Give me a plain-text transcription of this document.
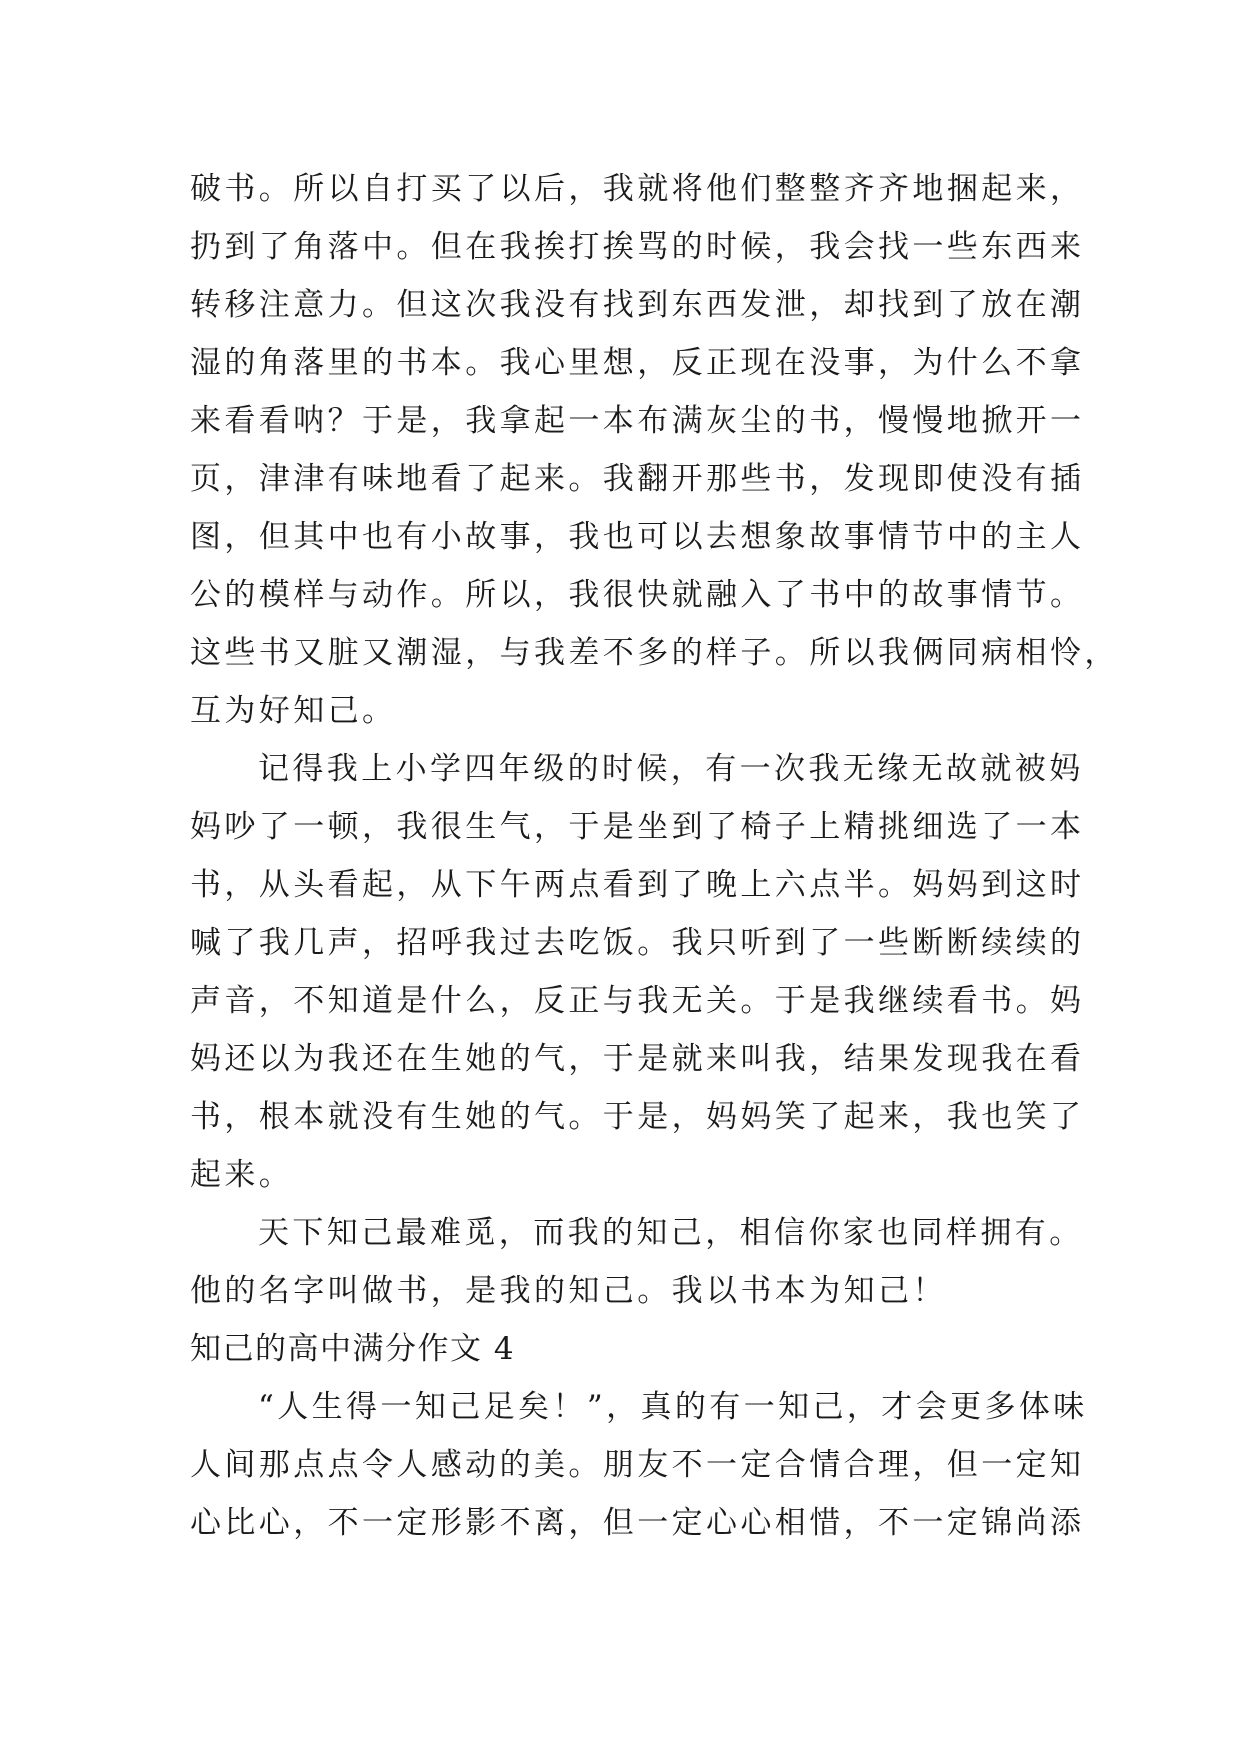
破书。所以自打买了以后，我就将他们整整齐齐地捆起来，
扔到了角落中。但在我挨打挨骂的时候，我会找一些东西来
转移注意力。但这次我没有找到东西发泄，却找到了放在潮
湿的角落里的书本。我心里想，反正现在没事，为什么不拿
来看看呐？于是，我拿起一本布满灰尘的书，慢慢地掀开一
页，津津有味地看了起来。我翻开那些书，发现即使没有插
图，但其中也有小故事，我也可以去想象故事情节中的主人
公的模样与动作。所以，我很快就融入了书中的故事情节。
这些书又脏又潮湿，与我差不多的样子。所以我俩同病相怜，
互为好知己。
记得我上小学四年级的时候，有一次我无缘无故就被妈
妈吵了一顿，我很生气，于是坐到了椅子上精挑细选了一本
书，从头看起，从下午两点看到了晚上六点半。妈妈到这时
喊了我几声，招呼我过去吃饭。我只听到了一些断断续续的
声音，不知道是什么，反正与我无关。于是我继续看书。妈
妈还以为我还在生她的气，于是就来叫我，结果发现我在看
书，根本就没有生她的气。于是，妈妈笑了起来，我也笑了
起来。
天下知己最难觅，而我的知己，相信你家也同样拥有。
他的名字叫做书，是我的知己。我以书本为知己！
知己的高中满分作文 4
“人生得一知己足矣！”，真的有一知己，才会更多体味
人间那点点令人感动的美。朋友不一定合情合理，但一定知
心比心，不一定形影不离，但一定心心相惜，不一定锦尚添
